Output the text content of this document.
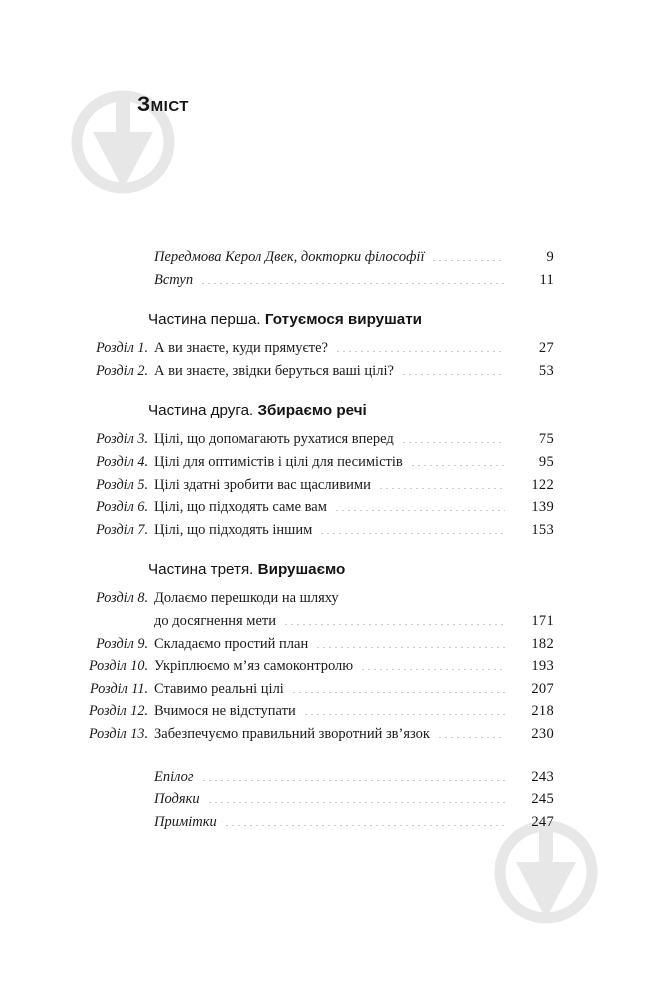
Зміст
Передмова Керол Двек, докторки філософії	9
Вступ	11
Частина перша. Готуємося вирушати
Розділ 1. А ви знаєте, куди прямуєте?	27
Розділ 2. А ви знаєте, звідки беруться ваші цілі?	53
Частина друга. Збираємо речі
Розділ 3. Цілі, що допомагають рухатися вперед	75
Розділ 4. Цілі для оптимістів і цілі для песимістів	95
Розділ 5. Цілі здатні зробити вас щасливими	122
Розділ 6. Цілі, що підходять саме вам	139
Розділ 7. Цілі, що підходять іншим	153
Частина третя. Вирушаємо
Розділ 8. Долаємо перешкоди на шляху
до досягнення мети	171
Розділ 9. Складаємо простий план	182
Розділ 10. Укріплюємо м’яз самоконтролю	193
Розділ 11. Ставимо реальні цілі	207
Розділ 12. Вчимося не відступати	218
Розділ 13. Забезпечуємо правильний зворотний зв’язок	230
Епілог	243
Подяки	245
Примітки	247
